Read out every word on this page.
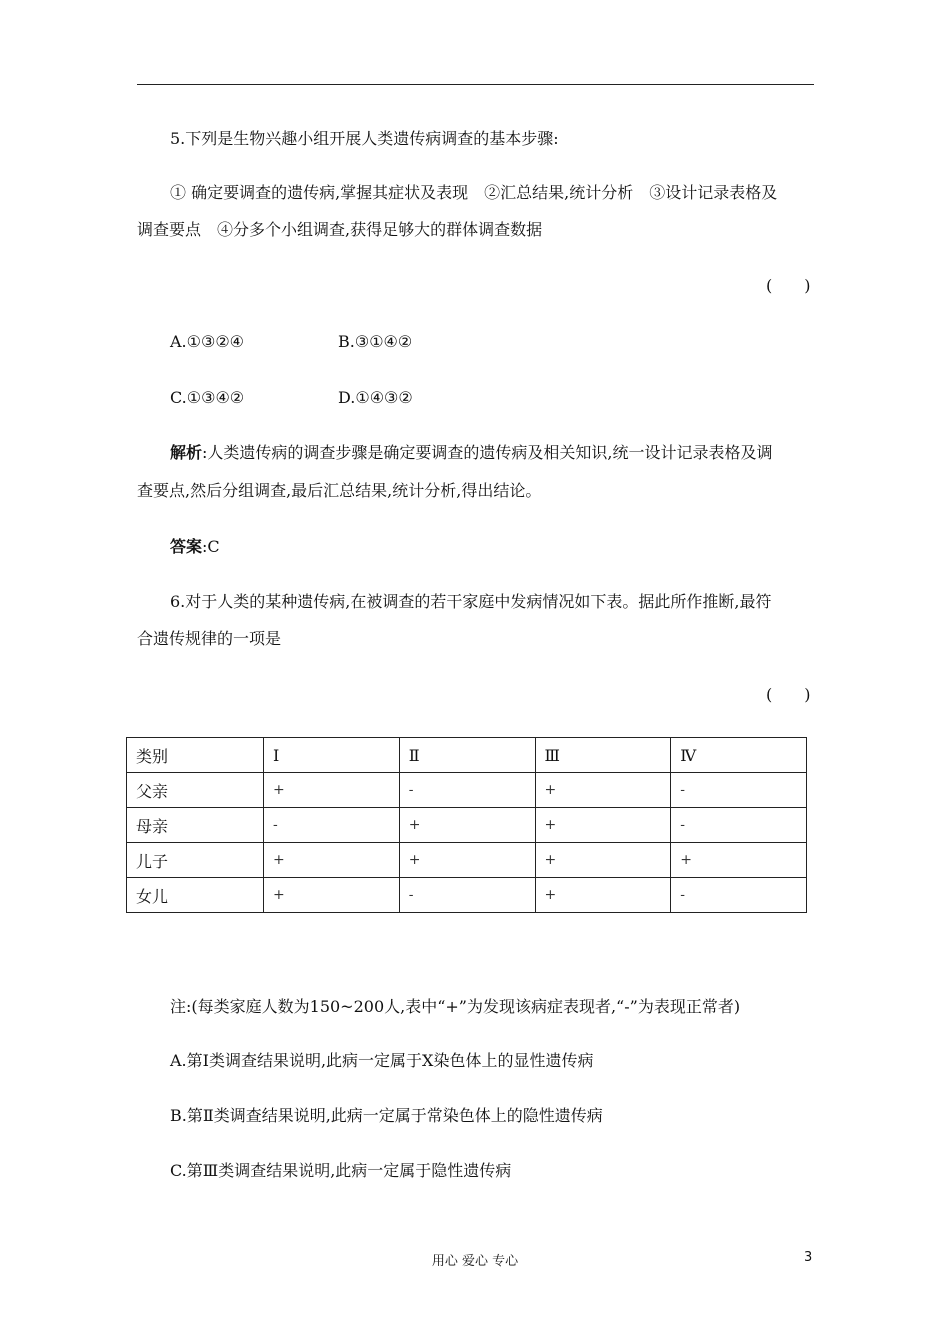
5.下列是生物兴趣小组开展人类遗传病调查的基本步骤:
① 确定要调查的遗传病,掌握其症状及表现　②汇总结果,统计分析　③设计记录表格及
调查要点　④分多个小组调查,获得足够大的群体调查数据
(　　)
A.①③②④	B.③①④②
C.①③④②	D.①④③②
解析:人类遗传病的调查步骤是确定要调查的遗传病及相关知识,统一设计记录表格及调
查要点,然后分组调查,最后汇总结果,统计分析,得出结论。
答案:C
6.对于人类的某种遗传病,在被调查的若干家庭中发病情况如下表。据此所作推断,最符
合遗传规律的一项是
(　　)
类别	Ⅰ	Ⅱ	Ⅲ	Ⅳ
父亲	+	-	+	-
母亲	-	+	+	-
儿子	+	+	+	+
女儿	+	-	+	-
注:(每类家庭人数为150~200人,表中“+”为发现该病症表现者,“-”为表现正常者)
A.第Ⅰ类调查结果说明,此病一定属于X染色体上的显性遗传病
B.第Ⅱ类调查结果说明,此病一定属于常染色体上的隐性遗传病
C.第Ⅲ类调查结果说明,此病一定属于隐性遗传病
用心 爱心 专心	3
